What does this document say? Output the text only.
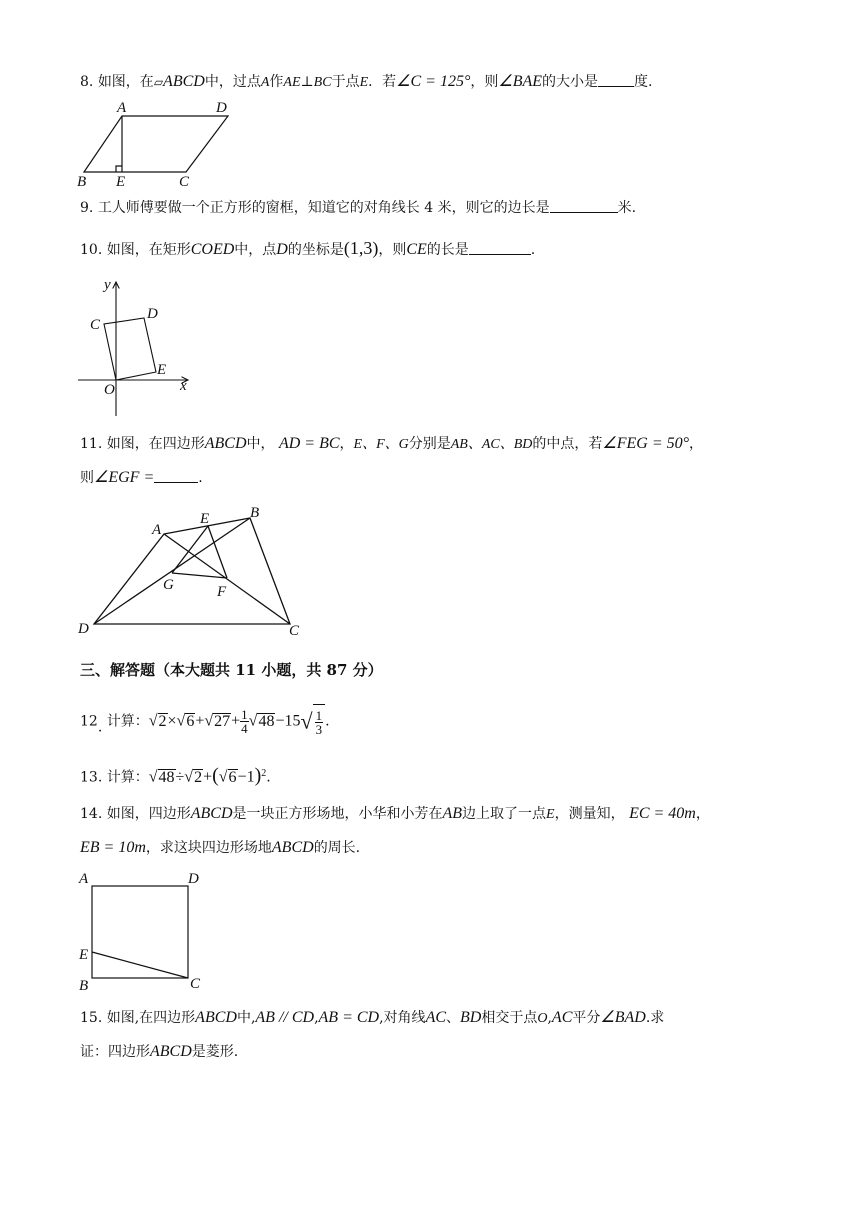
8. 如图，在▱ABCD中，过点A作AE⊥BC于点E．若∠C = 125°，则∠BAE的大小是	度.
A	D
B E	C
9. 工人师傅要做一个正方形的窗框，知道它的对角线长 4 米，则它的边长是	米.
10. 如图，在矩形COED中，点D的坐标是(1,3)，则CE的长是	.
y
x
C
D
E
O
11. 如图，在四边形ABCD中， AD = BC，E、F、G分别是AB、AC、BD的中点，若∠FEG = 50°，
则∠EGF =	.
A
E	B
G	F
D	C
三、解答题（本大题共 11 小题，共 87 分）
12. 计算：$√2\times√6+√27+ \frac{1}{4} √48-15√ \frac{1}{3}$ .
13. 计算：$√48\div√2+(√6-1)^2$.
14. 如图，四边形ABCD是一块正方形场地，小华和小芳在AB边上取了一点E，测量知， EC = 40m，
EB = 10m，求这块四边形场地ABCD的周长.
A	D
E
B	C
15. 如图,在四边形ABCD中,AB // CD,AB = CD,对角线AC、BD相交于点O,AC平分∠BAD.求
证：四边形ABCD是菱形.
